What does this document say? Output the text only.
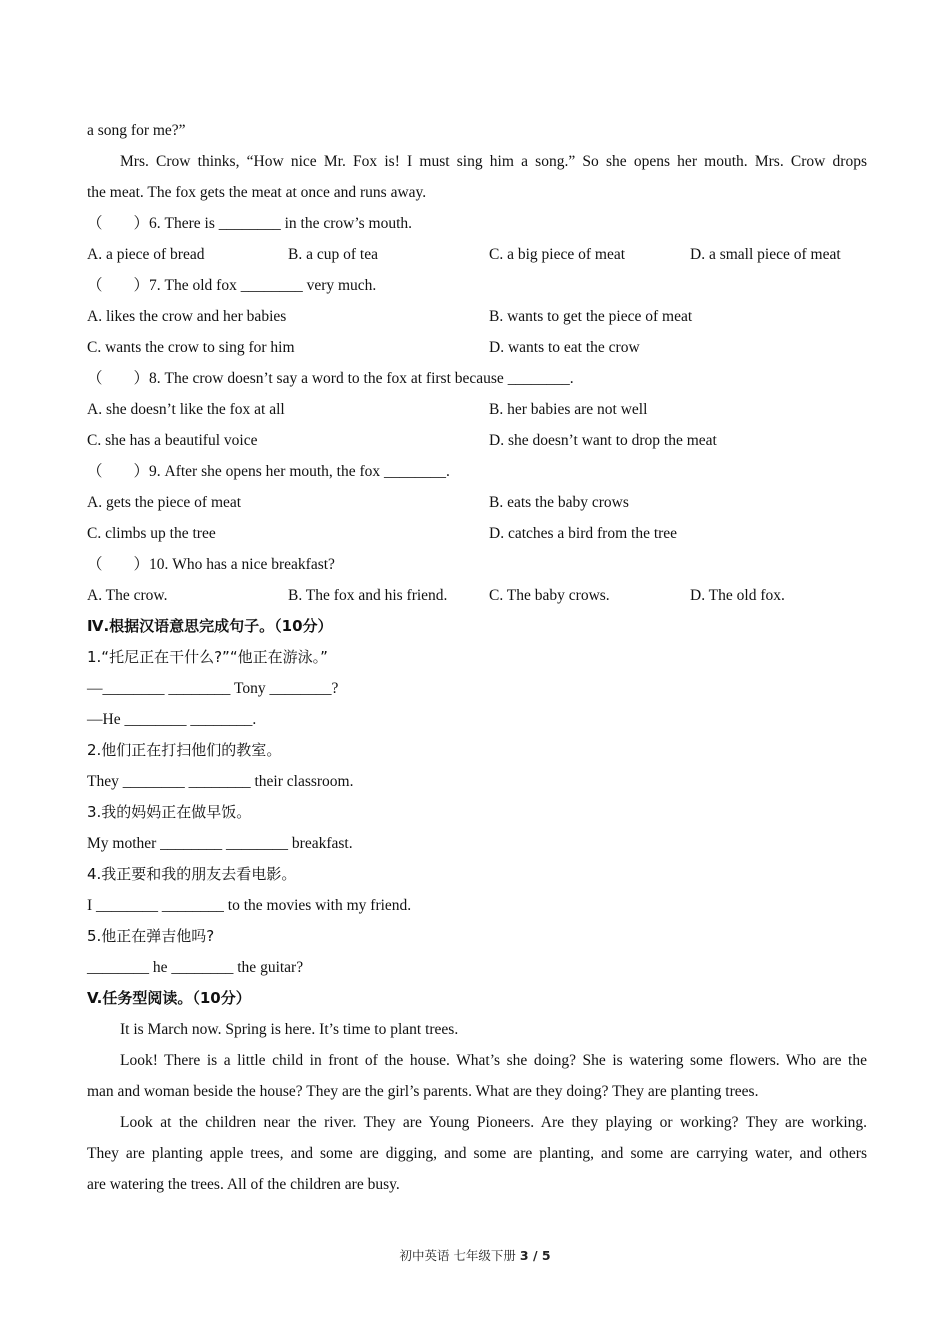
a song for me?”
Mrs. Crow thinks, “How nice Mr. Fox is! I must sing him a song.” So she opens her mouth. Mrs. Crow drops
the meat. The fox gets the meat at once and runs away.
（　　）6. There is ________ in the crow’s mouth.
A. a piece of bread	B. a cup of tea	C. a big piece of meat	D. a small piece of meat
（　　）7. The old fox ________ very much.
A. likes the crow and her babies	B. wants to get the piece of meat
C. wants the crow to sing for him	D. wants to eat the crow
（　　）8. The crow doesn’t say a word to the fox at first because ________.
A. she doesn’t like the fox at all	B. her babies are not well
C. she has a beautiful voice	D. she doesn’t want to drop the meat
（　　）9. After she opens her mouth, the fox ________.
A. gets the piece of meat	B. eats the baby crows
C. climbs up the tree	D. catches a bird from the tree
（　　）10. Who has a nice breakfast?
A. The crow.	B. The fox and his friend.	C. The baby crows.	D. The old fox.
Ⅳ.根据汉语意思完成句子。（10分）
1.“托尼正在干什么?”“他正在游泳。”
—________ ________ Tony ________?
—He ________ ________.
2.他们正在打扫他们的教室。
They ________ ________ their classroom.
3.我的妈妈正在做早饭。
My mother ________ ________ breakfast.
4.我正要和我的朋友去看电影。
I ________ ________ to the movies with my friend.
5.他正在弹吉他吗?
________ he ________ the guitar?
V.任务型阅读。（10分）
It is March now. Spring is here. It’s time to plant trees.
Look! There is a little child in front of the house. What’s she doing? She is watering some flowers. Who are the
man and woman beside the house? They are the girl’s parents. What are they doing? They are planting trees.
Look at the children near the river. They are Young Pioneers. Are they playing or working? They are working.
They are planting apple trees, and some are digging, and some are planting, and some are carrying water, and others
are watering the trees. All of the children are busy.
初中英语 七年级下册 3 / 5
